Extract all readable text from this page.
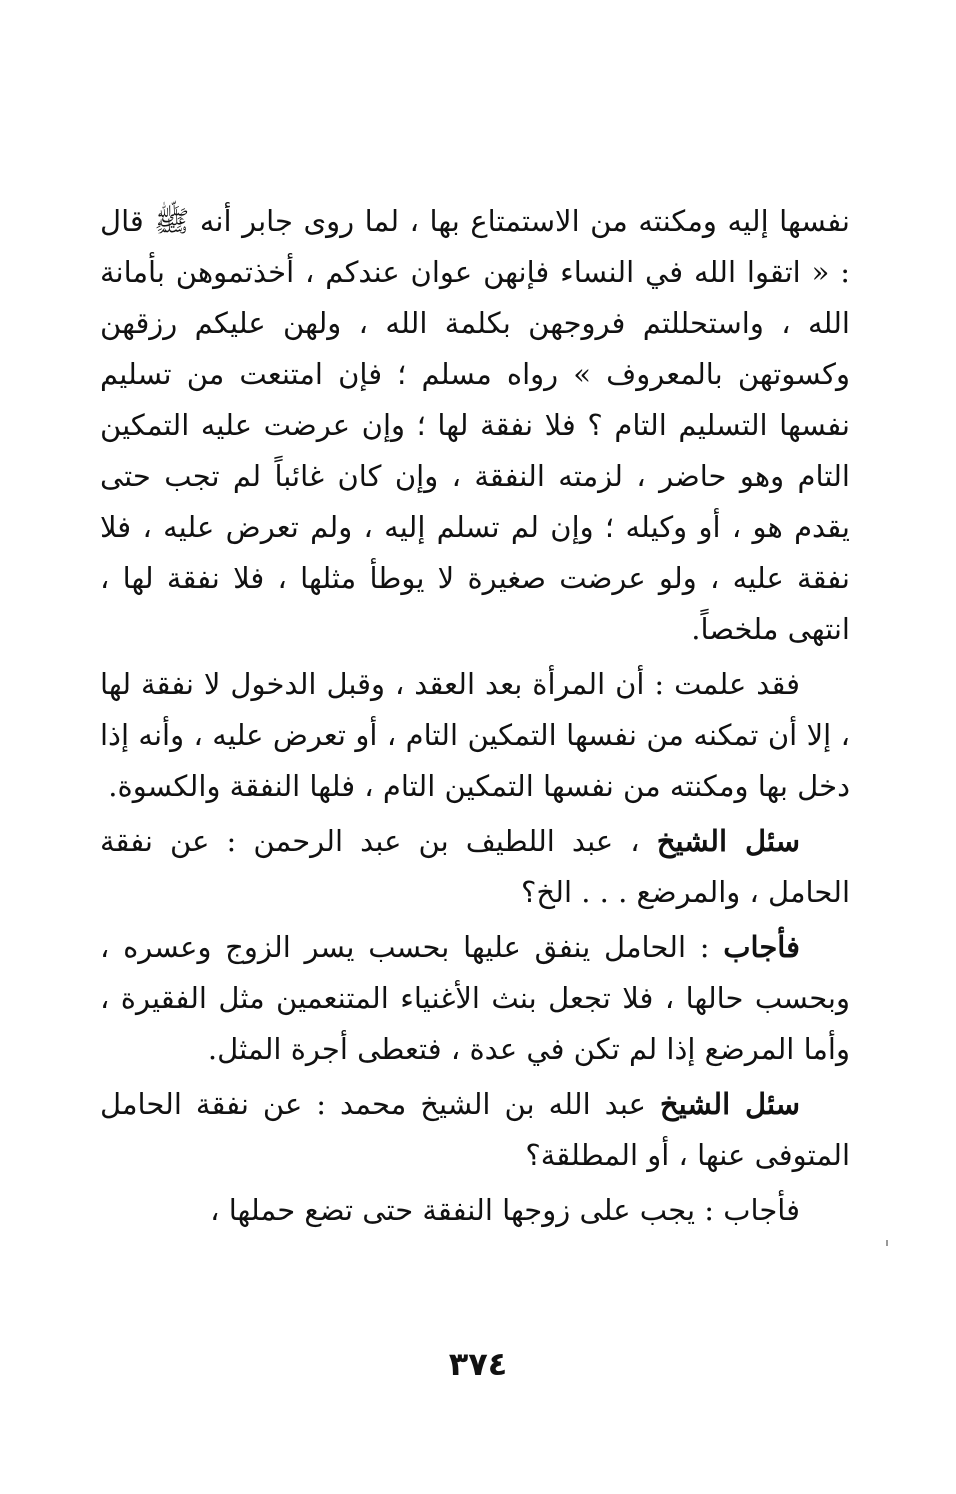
نفسها إليه ومكنته من الاستمتاع بها ، لما روى جابر أنه ﷺ قال : « اتقوا الله في النساء فإنهن عوان عندكم ، أخذتموهن بأمانة الله ، واستحللتم فروجهن بكلمة الله ، ولهن عليكم رزقهن وكسوتهن بالمعروف » رواه مسلم ؛ فإن امتنعت من تسليم نفسها التسليم التام ؟ فلا نفقة لها ؛ وإن عرضت عليه التمكين التام وهو حاضر ، لزمته النفقة ، وإن كان غائباً لم تجب حتى يقدم هو ، أو وكيله ؛ وإن لم تسلم إليه ، ولم تعرض عليه ، فلا نفقة عليه ، ولو عرضت صغيرة لا يوطأ مثلها ، فلا نفقة لها ، انتهى ملخصاً.

فقد علمت : أن المرأة بعد العقد ، وقبل الدخول لا نفقة لها ، إلا أن تمكنه من نفسها التمكين التام ، أو تعرض عليه ، وأنه إذا دخل بها ومكنته من نفسها التمكين التام ، فلها النفقة والكسوة.

سئل الشيخ ، عبد اللطيف بن عبد الرحمن : عن نفقة الحامل ، والمرضع . . . الخ؟

فأجاب : الحامل ينفق عليها بحسب يسر الزوج وعسره ، وبحسب حالها ، فلا تجعل بنث الأغنياء المتنعمين مثل الفقيرة ، وأما المرضع إذا لم تكن في عدة ، فتعطى أجرة المثل.

سئل الشيخ عبد الله بن الشيخ محمد : عن نفقة الحامل المتوفى عنها ، أو المطلقة؟

فأجاب : يجب على زوجها النفقة حتى تضع حملها ،

٣٧٤
